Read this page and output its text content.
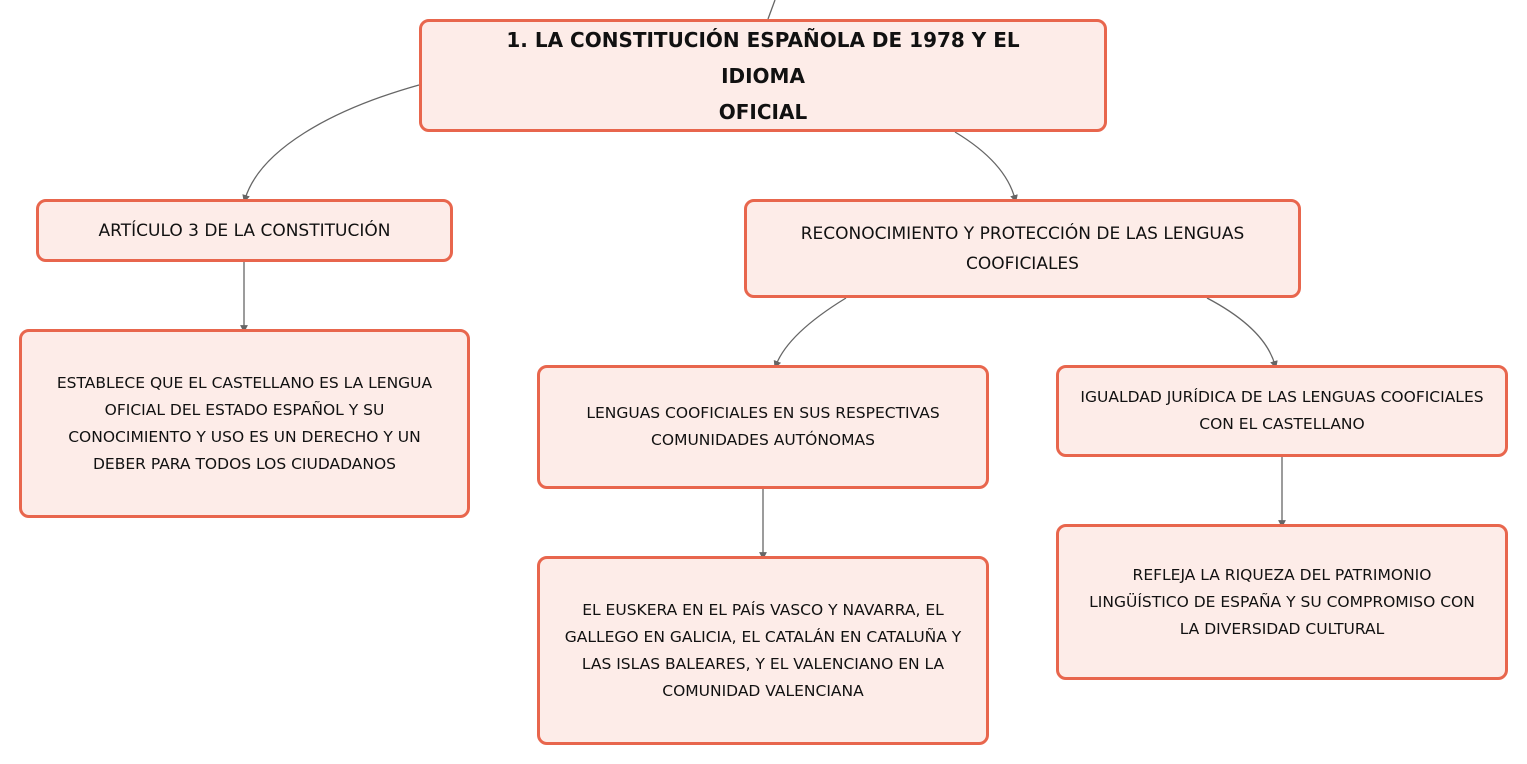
1. LA CONSTITUCIÓN ESPAÑOLA DE 1978 Y EL IDIOMA
OFICIAL
ARTÍCULO 3 DE LA CONSTITUCIÓN	RECONOCIMIENTO Y PROTECCIÓN DE LAS LENGUAS
COOFICIALES
ESTABLECE QUE EL CASTELLANO ES LA LENGUA
OFICIAL DEL ESTADO ESPAÑOL Y SU
CONOCIMIENTO Y USO ES UN DERECHO Y UN
DEBER PARA TODOS LOS CIUDADANOS
LENGUAS COOFICIALES EN SUS RESPECTIVAS
COMUNIDADES AUTÓNOMAS
IGUALDAD JURÍDICA DE LAS LENGUAS COOFICIALES
CON EL CASTELLANO
EL EUSKERA EN EL PAÍS VASCO Y NAVARRA, EL
GALLEGO EN GALICIA, EL CATALÁN EN CATALUÑA Y
LAS ISLAS BALEARES, Y EL VALENCIANO EN LA
COMUNIDAD VALENCIANA
REFLEJA LA RIQUEZA DEL PATRIMONIO
LINGÜÍSTICO DE ESPAÑA Y SU COMPROMISO CON
LA DIVERSIDAD CULTURAL
